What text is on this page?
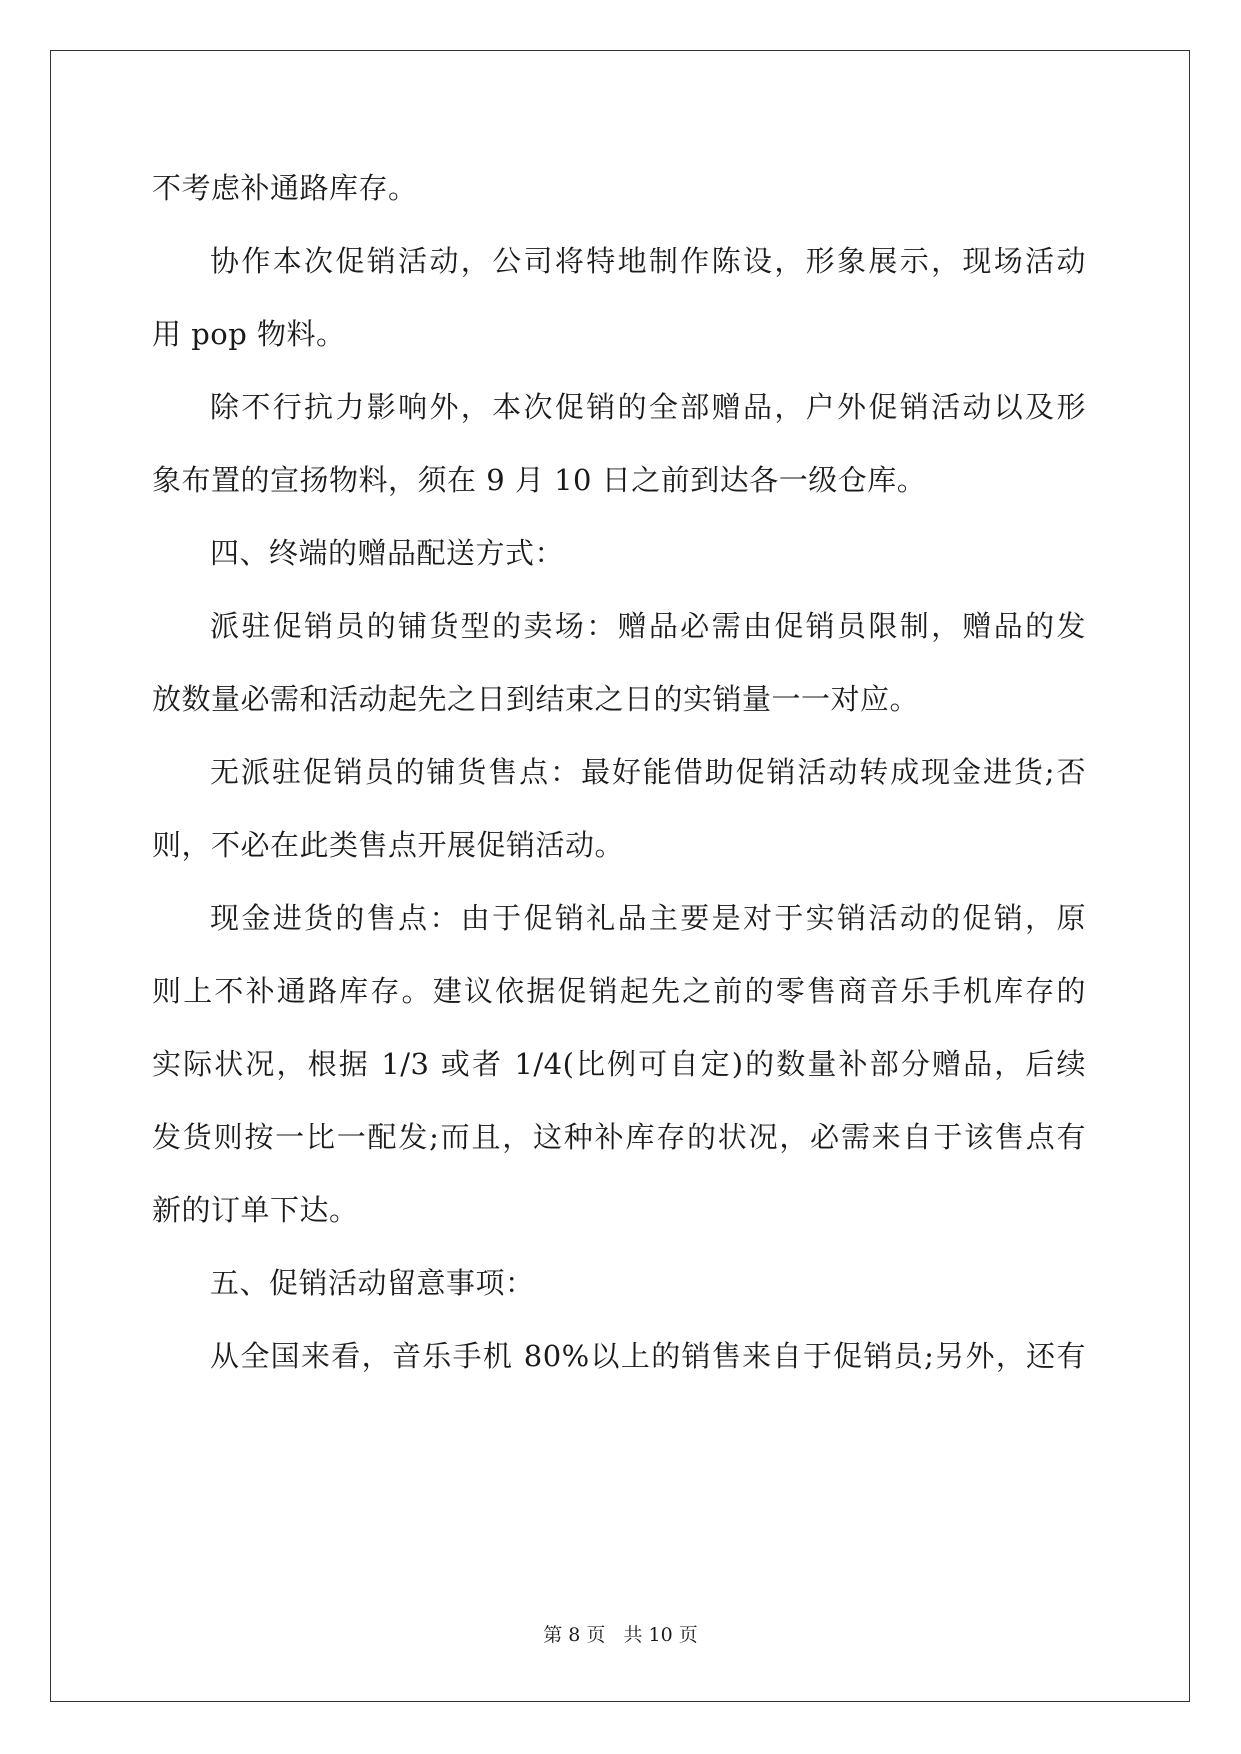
不考虑补通路库存。
协作本次促销活动，公司将特地制作陈设，形象展示，现场活动
用 pop 物料。
除不行抗力影响外，本次促销的全部赠品，户外促销活动以及形
象布置的宣扬物料，须在 9 月 10 日之前到达各一级仓库。
四、终端的赠品配送方式：
派驻促销员的铺货型的卖场：赠品必需由促销员限制，赠品的发
放数量必需和活动起先之日到结束之日的实销量一一对应。
无派驻促销员的铺货售点：最好能借助促销活动转成现金进货;否
则，不必在此类售点开展促销活动。
现金进货的售点：由于促销礼品主要是对于实销活动的促销，原
则上不补通路库存。建议依据促销起先之前的零售商音乐手机库存的
实际状况，根据 1/3 或者 1/4(比例可自定)的数量补部分赠品，后续
发货则按一比一配发;而且，这种补库存的状况，必需来自于该售点有
新的订单下达。
五、促销活动留意事项：
从全国来看，音乐手机 80%以上的销售来自于促销员;另外，还有
第 8 页   共 10 页
